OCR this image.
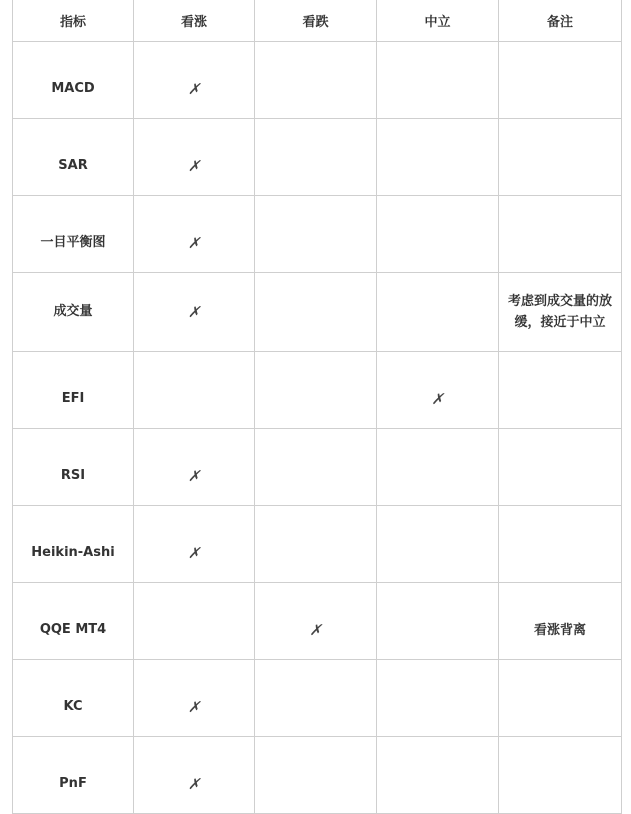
指标	看涨	看跌	中立	备注
MACD	✗			
SAR	✗			
一目平衡图	✗			
成交量	✗			考虑到成交量的放缓，接近于中立
EFI			✗	
RSI	✗			
Heikin-Ashi	✗			
QQE MT4		✗		看涨背离
KC	✗			
PnF	✗			
